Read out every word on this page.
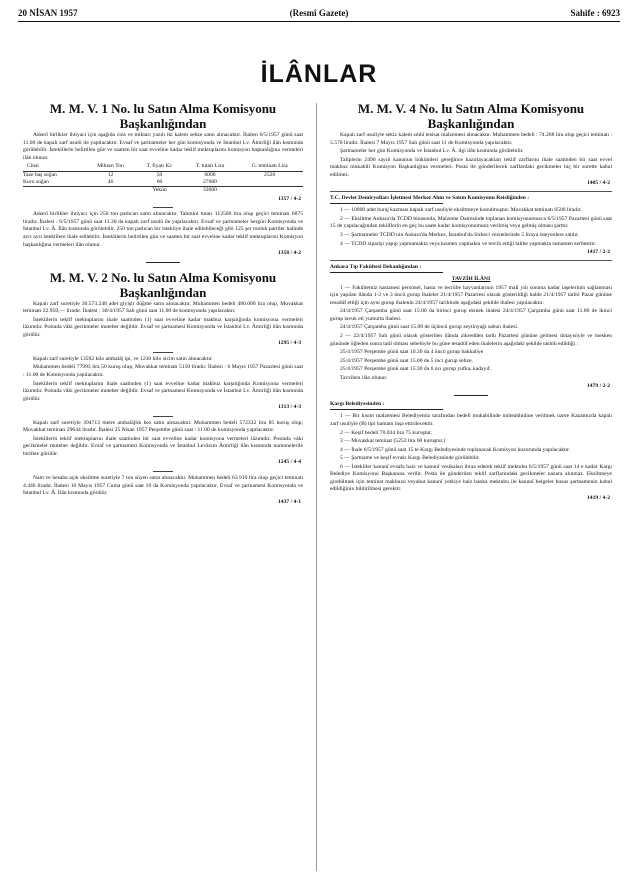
20 NİSAN 1957	(Resmî Gazete)	Sahife : 6923
İLÂNLAR
M. M. V. 1 No. lu Satın Alma Komisyonu Başkanlığından
Askerî birlikler ihtiyacı için aşağıda cins ve miktarı yazılı iki kalem sebze satın alınacaktır. İhalesi 6/5/1957 günü saat 11.00 de kapalı zarf usulü ile yapılacaktır. Evsaf ve şartnameler her gün komisyonda ve İstanbul Lv. Âmirliği ilân kısmında görülebilir. İsteklilerin belirtilen gün ve saatten bir saat evveline kadar teklif mektuplarını komisyon başkanlığına vermeleri ilân olunur.
Cinsi	Miktarı Ton	T. fiyatı Kr.	T. tutarı Lira	G. teminatı Lira
Taze baş soğan	12	50	6000	2520
Kuru soğan	46	60	27600	
		Yekûn	33600	
1357 / 4-2
Askerî birlikler ihtiyacı için 250 ton patlıcan satın alınacaktır. Tahmini tutarı 112500 lira olup geçici teminatı 6875 liradır. İhalesi : 6/5/1957 günü saat 11.30 da kapalı zarf usulü ile yapılacaktır. Evsaf ve şartnameler hergün Komisyonda ve İstanbul Lv. Â. İlân kısmında görülebilir. 250 ton patlıcan bir istekliye ihale edilebileceği gibi 125 şer tonluk partiler halinde ayrı ayrı isteklilere ihale edilebilir. İsteklilerin belirtilen gün ve saatten bir saat evveline kadar teklif mektuplarını Komisyon başkanlığına vermeleri ilân olunur.
1358 / 4-2
M. M. V. 2 No. lu Satın Alma Komisyonu Başkanlığından
Kapalı zarf suretiyle 30.573.248 adet giyişir düğme satın alınacaktır. Muhammen bedeli 480.000 lira olup, Muvakkat teminatı 22.950,— liradır. İhalesi : 30/4/1957 Salı günü saat 11.00 de komisyonda yapılacaktır.
İsteklilerin teklif mektuplarını ihale saatinden (1) saat evveline kadar makbuz karşılığında komisyona vermeleri lâzımdır. Postada vâki gecikmeler muteber değildir. Evsaf ve şartnamesi Komisyonda ve İstanbul Lv. Âmirliği ilân kısmında görülür.
1295 / 4-3
Kapalı zarf suretiyle 13592 kilo ambalâj ipi, ve 1230 kilo sicim satın alınacaktır.
Muhammen bedeli 77993 lira 50 kuruş olup, Muvakkat teminatı 5150 liradır. İhalesi : 6 Mayıs 1957 Pazartesi günü saat : 11.00 de Komisyonda yapılacaktır.
İsteklilerin teklif mektuplarını ihale saatinden (1) saat evveline kadar makbuz karşılığında Komisyona vermeleri lâzımdır. Postada vâki gecikmeler muteber değildir. Evsaf ve şartnamesi Komisyonda ve İstanbul Lv. Âmirliği ilân kısmında görülür.
1313 / 4-3
Kapalı zarf suretiyle 394713 metre ambalâjlık bez satın alınacaktır. Muhammen bedeli 572332 lira 85 kuruş olup; Muvakkat teminatı 29644 liradır. İhalesi 25 Nisan 1957 Perşembe günü saat : 11.00 de komisyonda yapılacaktır.
İsteklilerin teklif mektuplarını ihale saatinden bir saat evveline kadar komisyona vermeleri lâzımdır. Postada vâki gecikmeler muteber değildir. Evsaf ve şartnamesi Komisyonda ve İstanbul Levâzım Âmirliği ilân kısmında numunelerile birlikte görülür.
1245 / 4-4
Nam ve hesaba açık eksiltme suretiyle 7 ton süyen satın alınacaktır. Muhammen bedeli 63.910 lira olup geçici teminatı 4.446 liradır. İhalesi 10 Mayıs 1957 Cuma günü saat 10 da Komisyonda yapılacaktır. Evsaf ve şartnamesi Komisyonda ve İstanbul Lv. Â. İlân kısmında görülür.
1437 / 4-1
M. M. V. 4 No. lu Satın Alma Komisyonu Başkanlığından
Kapalı zarf usuliyle sekiz kalem sıhhî tesisat malzemesi alınacaktır. Muhammen bedeli : 74.268 lira olup geçici teminatı : 5.570 liradır. İhalesi 7 Mayıs 1957 Salı günü saat 11 de Komisyonda yapılacaktır.
Şartnameler her gün Komisyonda ve İstanbul Lv. Â. ilgi ilân kısmında görülebilir.
Taliplerin 2490 sayılı kanunun hükümleri gereğince hazırlayacakları teklif zarflarını ihale saatinden bir saat evvel makbuz mukabili Komisyon Başkanlığına vermeleri. Posta ile gönderilecek zarflardaki gecikmeler hiç bir surette kabul edilmez.
1405 / 4-2
T.C. Devlet Demiryolları İşletmesi Merkez Alım ve Satım Komisyonu Reisliğinden :
1 — 10000 adet buraj kazması kapalı zarf usuliyle eksiltmeye konulmuştur. Muvakkat teminatı 6500 liradır.
2 — Eksiltme Ankara'da TCDD binasında, Malzeme Dairesinde toplanan komisyonumuzca 6/5/1957 Pazartesi günü saat 15 de yapılacağından tekliflerin en geç bu saate kadar komisyonumuza verilmiş veya gelmiş olması şarttır.
3 — Şartnameler TCDD nin Ankara'da Merkez, İstanbul'da Sirkeci veznelerinde 5 liraya isteyenlere satılır.
4 — TCDD siparişi yapıp yapmamakta veya kısmen yapmakta ve tercih ettiği talibe yapmakta tamamen serbesttir.
1417 / 2-2
Ankara Tıp Fakültesi Dekanlığından :
TAVZİH İLÂNI
1 — Fakültemiz hastanesi personel, hasta ve tecrübe hayvanlarının 1957 malî yılı sonuna kadar iaşelerinin sağlanması için yapılan ilânda 1-2 ve 3 üncü gurup ihaleler 21/4/1957 Pazartesi olarak gösterildiği halde 21/4/1957 tarihi Pazar gününe tesadüf ettiği için aynı gurup ihalenin 24/4/1957 tarihinde aşağıdaki şekilde ihalesi yapılacaktır.
24/4/1957 Çarşamba günü saat 15.00 da birinci gurup ekmek ihalesi 24/4/1957 Çarşamba günü saat 11.00 de ikinci gurup tavuk eti yumurta ihalesi.
24/4/1957 Çarşamba günü saat 15.00 de üçüncü gurup zeytinyağı sabun ihalesi.
2 — 22/4/1957 Salı günü olarak gösterilen ilânda zikredilen tarih Pazartesi gününe gelmesi dolayısiyle ve mesken gününde öğleden sonra tatil olması sebebiyle bu güne tesadüf eden ihalelerin aşağıdaki şekilde tashih edildiği :
25/4/1957 Perşembe günü saat 10.30 da 4 üncü gurup bakkaliye
25/4/1957 Perşembe günü saat 15.00 de 5 inci gurup sebze,
25/4/1957 Perşembe günü saat 15.30 da 6 ncı gurup yufka, kadayıf.
Tavzihen ilân olunur.
1479 / 2-2
Kargı Belediyesinden :
1 — Bir kısım malzemesi Belediyemiz tarafından bedeli mukabilinde müteahhidine verilmek üzere Kazamızda kapalı zarf usuliyle (B) tipi hamam inşa ettirilecektir.
2 — Keşif bedeli 70.034 lira 75 kuruştur.
3 — Muvakkat teminat (5252 lira 60 kuruştur.)
4 — İhale 6/5/1957 günü saat 15 te Kargı Belediyesinde toplanacak Komisyon huzurunda yapılacaktır.
5 — Şartname ve keşif evrakı Kargı Belediyesinde görülebilir.
6 — İstekliler kanunî evsafa haiz ve kanunî vesikaları ibraz ederek teklif mektubu 6/5/1957 günü saat 14 e kadar Kargı Belediye Komisyonu Başkanına verilir. Posta ile gönderilen teklif zarflarındaki gecikmeler nazara alınmaz. Eksiltmeye girebilmek için teminat makbuzu veyahut kanunî yetkiye haiz banka mektubu ile kanunî belgeler husus şartnamenin kabul edildiğinin bildirilmesi gerektir.
1419 / 4-2
